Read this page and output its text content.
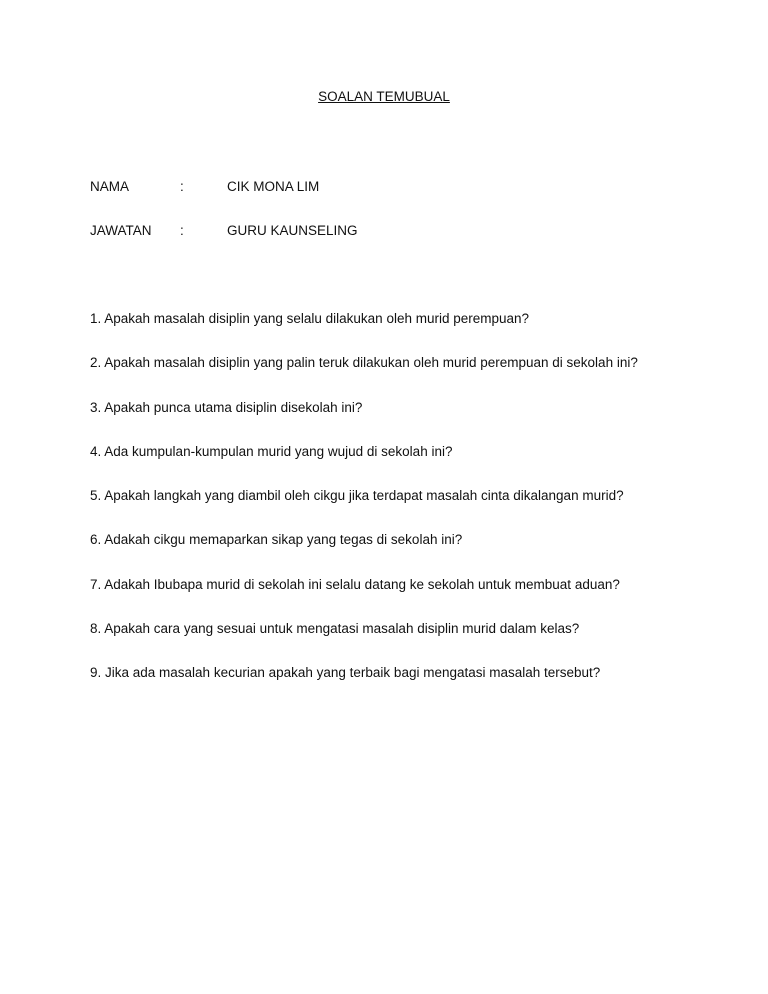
SOALAN TEMUBUAL
NAMA	:	CIK MONA LIM
JAWATAN :	GURU KAUNSELING
1. Apakah masalah disiplin yang selalu dilakukan oleh murid perempuan?
2. Apakah masalah disiplin yang palin teruk dilakukan oleh murid perempuan di sekolah ini?
3. Apakah punca utama disiplin disekolah ini?
4. Ada kumpulan-kumpulan murid yang wujud di sekolah ini?
5. Apakah langkah yang diambil oleh cikgu jika terdapat masalah cinta dikalangan murid?
6. Adakah cikgu memaparkan sikap yang tegas di sekolah ini?
7. Adakah Ibubapa murid di sekolah ini selalu datang ke sekolah untuk membuat aduan?
8. Apakah cara yang sesuai untuk mengatasi masalah disiplin murid dalam kelas?
9. Jika ada masalah kecurian apakah yang terbaik bagi mengatasi masalah tersebut?
